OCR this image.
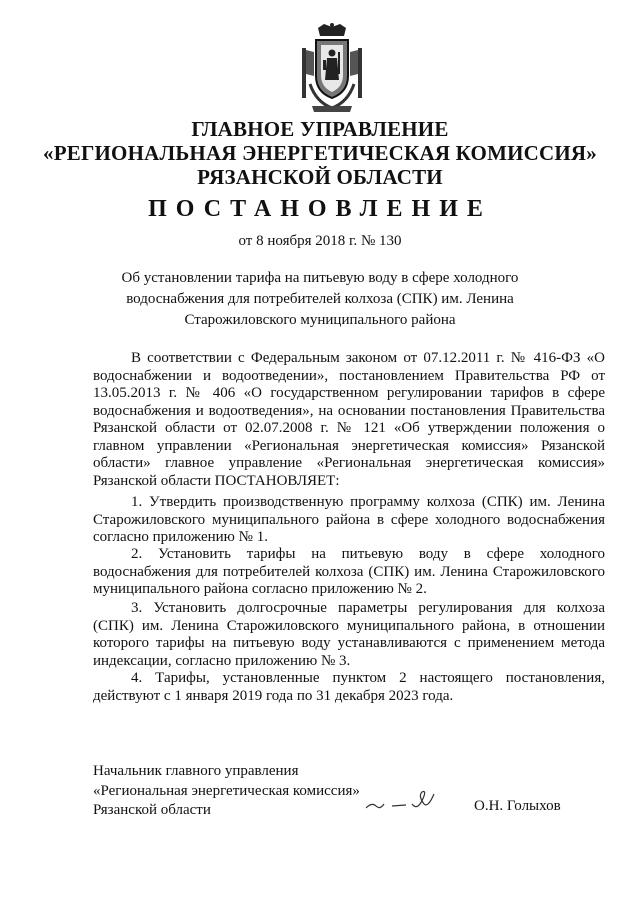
ГЛАВНОЕ УПРАВЛЕНИЕ
«РЕГИОНАЛЬНАЯ ЭНЕРГЕТИЧЕСКАЯ КОМИССИЯ»
РЯЗАНСКОЙ ОБЛАСТИ
ПОСТАНОВЛЕНИЕ
от 8 ноября 2018 г. № 130
Об установлении тарифа на питьевую воду в сфере холодного
водоснабжения для потребителей колхоза (СПК) им. Ленина
Старожиловского муниципального района
В соответствии с Федеральным законом от 07.12.2011 г. № 416-ФЗ «О водоснабжении и водоотведении», постановлением Правительства РФ от 13.05.2013 г. № 406 «О государственном регулировании тарифов в сфере водоснабжения и водоотведения», на основании постановления Правительства Рязанской области от 02.07.2008 г. № 121 «Об утверждении положения о главном управлении «Региональная энергетическая комиссия» Рязанской области» главное управление «Региональная энергетическая комиссия» Рязанской области ПОСТАНОВЛЯЕТ:
1. Утвердить производственную программу колхоза (СПК) им. Ленина Старожиловского муниципального района в сфере холодного водоснабжения согласно приложению № 1.
2. Установить тарифы на питьевую воду в сфере холодного водоснабжения для потребителей колхоза (СПК) им. Ленина Старожиловского муниципального района согласно приложению № 2.
3. Установить долгосрочные параметры регулирования для колхоза (СПК) им. Ленина Старожиловского муниципального района, в отношении которого тарифы на питьевую воду устанавливаются с применением метода индексации, согласно приложению № 3.
4. Тарифы, установленные пунктом 2 настоящего постановления, действуют с 1 января 2019 года по 31 декабря 2023 года.
Начальник главного управления
«Региональная энергетическая комиссия»
Рязанской области	О.Н. Голыхов
